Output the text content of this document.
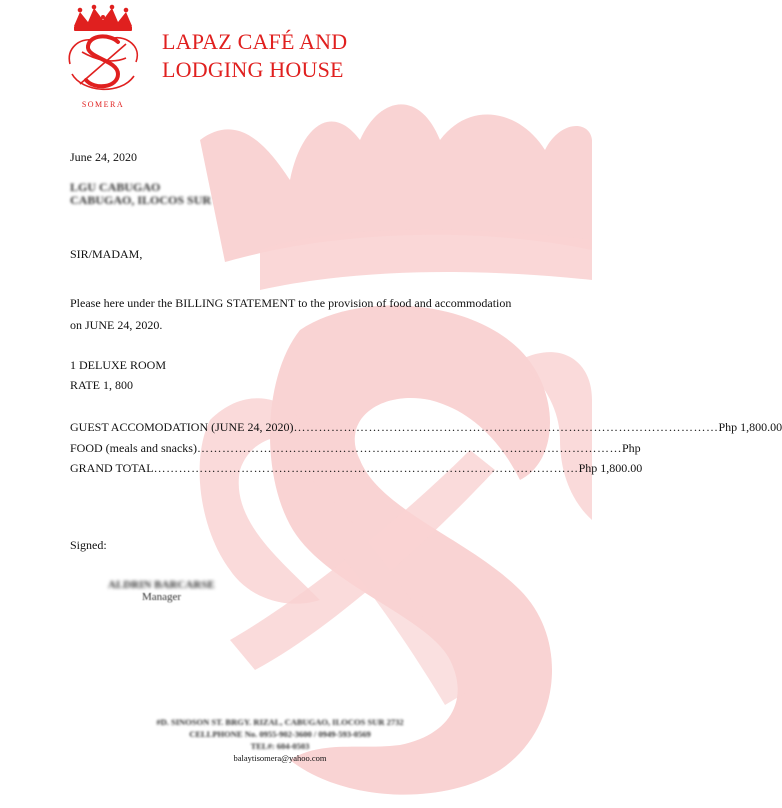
SOMERA
LAPAZ CAFÉ AND
LODGING HOUSE
June 24, 2020
LGU CABUGAO
CABUGAO, ILOCOS SUR
SIR/MADAM,
Please here under the BILLING STATEMENT to the provision of food and accommodation
on JUNE 24, 2020.
1 DELUXE ROOM
RATE 1, 800
GUEST ACCOMODATION (JUNE 24, 2020) ………………………………………………………………………………………… Php 1,800.00
FOOD (meals and snacks) ………………………………………………………………………………………… Php
GRAND TOTAL ………………………………………………………………………………………… Php 1,800.00
Signed:
ALDRIN BARCARSE
Manager
#D. SINOSON ST. BRGY. RIZAL, CABUGAO, ILOCOS SUR 2732
CELLPHONE No. 0955-902-3600 / 0949-593-0569
TEL#: 604-0503
balaytisomera@yahoo.com
